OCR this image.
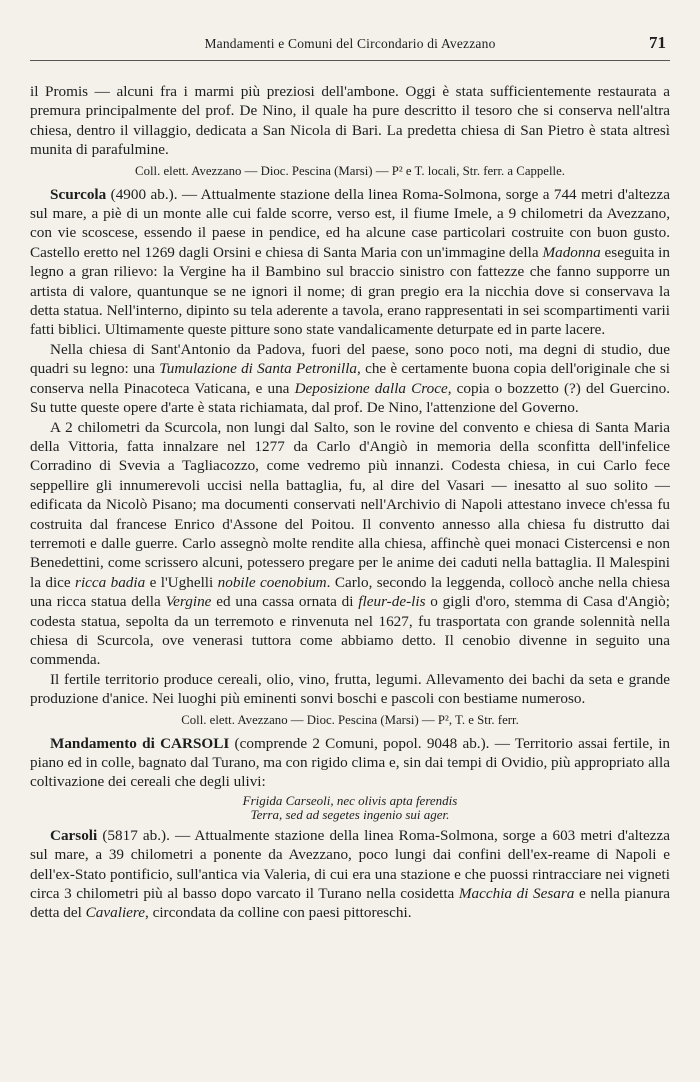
Mandamenti e Comuni del Circondario di Avezzano	71

il Promis — alcuni fra i marmi più preziosi dell'ambone. Oggi è stata sufficientemente restaurata a premura principalmente del prof. De Nino, il quale ha pure descritto il tesoro che si conserva nell'altra chiesa, dentro il villaggio, dedicata a San Nicola di Bari. La predetta chiesa di San Pietro è stata altresì munita di parafulmine.

Coll. elett. Avezzano — Dioc. Pescina (Marsi) — P² e T. locali, Str. ferr. a Cappelle.

Scurcola (4900 ab.). — Attualmente stazione della linea Roma-Solmona, sorge a 744 metri d'altezza sul mare, a piè di un monte alle cui falde scorre, verso est, il fiume Imele, a 9 chilometri da Avezzano, con vie scoscese, essendo il paese in pendice, ed ha alcune case particolari costruite con buon gusto. Castello eretto nel 1269 dagli Orsini e chiesa di Santa Maria con un'immagine della Madonna eseguita in legno a gran rilievo: la Vergine ha il Bambino sul braccio sinistro con fattezze che fanno supporre un artista di valore, quantunque se ne ignori il nome; di gran pregio era la nicchia dove si conservava la detta statua. Nell'interno, dipinto su tela aderente a tavola, erano rappresentati in sei scompartimenti varii fatti biblici. Ultimamente queste pitture sono state vandalicamente deturpate ed in parte lacere.

Nella chiesa di Sant'Antonio da Padova, fuori del paese, sono poco noti, ma degni di studio, due quadri su legno: una Tumulazione di Santa Petronilla, che è certamente buona copia dell'originale che si conserva nella Pinacoteca Vaticana, e una Deposizione dalla Croce, copia o bozzetto (?) del Guercino. Su tutte queste opere d'arte è stata richiamata, dal prof. De Nino, l'attenzione del Governo.

A 2 chilometri da Scurcola, non lungi dal Salto, son le rovine del convento e chiesa di Santa Maria della Vittoria, fatta innalzare nel 1277 da Carlo d'Angiò in memoria della sconfitta dell'infelice Corradino di Svevia a Tagliacozzo, come vedremo più innanzi. Codesta chiesa, in cui Carlo fece seppellire gli innumerevoli uccisi nella battaglia, fu, al dire del Vasari — inesatto al suo solito — edificata da Nicolò Pisano; ma documenti conservati nell'Archivio di Napoli attestano invece ch'essa fu costruita dal francese Enrico d'Assone del Poitou. Il convento annesso alla chiesa fu distrutto dai terremoti e dalle guerre. Carlo assegnò molte rendite alla chiesa, affinchè quei monaci Cistercensi e non Benedettini, come scrissero alcuni, potessero pregare per le anime dei caduti nella battaglia. Il Malespini la dice ricca badia e l'Ughelli nobile coenobium. Carlo, secondo la leggenda, collocò anche nella chiesa una ricca statua della Vergine ed una cassa ornata di fleur-de-lis o gigli d'oro, stemma di Casa d'Angiò; codesta statua, sepolta da un terremoto e rinvenuta nel 1627, fu trasportata con grande solennità nella chiesa di Scurcola, ove venerasi tuttora come abbiamo detto. Il cenobio divenne in seguito una commenda.

Il fertile territorio produce cereali, olio, vino, frutta, legumi. Allevamento dei bachi da seta e grande produzione d'anice. Nei luoghi più eminenti sonvi boschi e pascoli con bestiame numeroso.

Coll. elett. Avezzano — Dioc. Pescina (Marsi) — P², T. e Str. ferr.

Mandamento di CARSOLI (comprende 2 Comuni, popol. 9048 ab.). — Territorio assai fertile, in piano ed in colle, bagnato dal Turano, ma con rigido clima e, sin dai tempi di Ovidio, più appropriato alla coltivazione dei cereali che degli ulivi:

Frigida Carseoli, nec olivis apta ferendis
Terra, sed ad segetes ingenio sui ager.

Carsoli (5817 ab.). — Attualmente stazione della linea Roma-Solmona, sorge a 603 metri d'altezza sul mare, a 39 chilometri a ponente da Avezzano, poco lungi dai confini dell'ex-reame di Napoli e dell'ex-Stato pontificio, sull'antica via Valeria, di cui era una stazione e che puossi rintracciare nei vigneti circa 3 chilometri più al basso dopo varcato il Turano nella cosidetta Macchia di Sesara e nella pianura detta del Cavaliere, circondata da colline con paesi pittoreschi.
